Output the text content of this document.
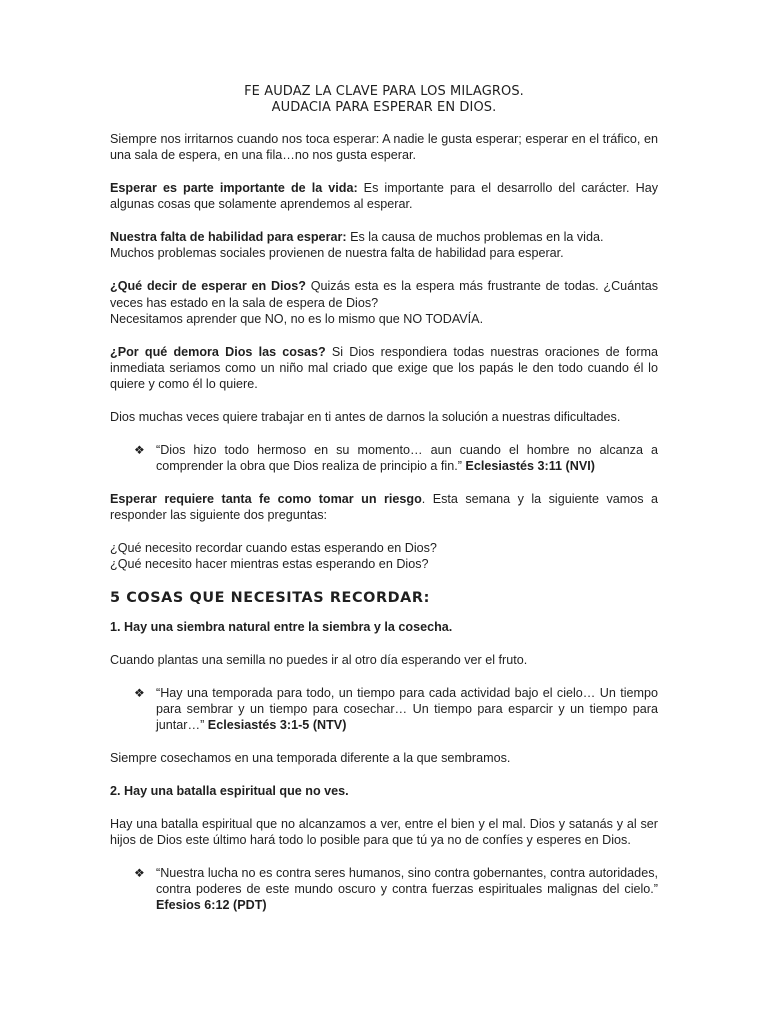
FE AUDAZ LA CLAVE PARA LOS MILAGROS.
AUDACIA PARA ESPERAR EN DIOS.

Siempre nos irritarnos cuando nos toca esperar: A nadie le gusta esperar; esperar en el tráfico, en una sala de espera, en una fila…no nos gusta esperar.

Esperar es parte importante de la vida: Es importante para el desarrollo del carácter. Hay algunas cosas que solamente aprendemos al esperar.

Nuestra falta de habilidad para esperar: Es la causa de muchos problemas en la vida.
Muchos problemas sociales provienen de nuestra falta de habilidad para esperar.

¿Qué decir de esperar en Dios? Quizás esta es la espera más frustrante de todas. ¿Cuántas veces has estado en la sala de espera de Dios?
Necesitamos aprender que NO, no es lo mismo que NO TODAVÍA.

¿Por qué demora Dios las cosas? Si Dios respondiera todas nuestras oraciones de forma inmediata seriamos como un niño mal criado que exige que los papás le den todo cuando él lo quiere y como él lo quiere.

Dios muchas veces quiere trabajar en ti antes de darnos la solución a nuestras dificultades.

❖ “Dios hizo todo hermoso en su momento… aun cuando el hombre no alcanza a comprender la obra que Dios realiza de principio a fin.” Eclesiastés 3:11 (NVI)

Esperar requiere tanta fe como tomar un riesgo. Esta semana y la siguiente vamos a responder las siguiente dos preguntas:

¿Qué necesito recordar cuando estas esperando en Dios?
¿Qué necesito hacer mientras estas esperando en Dios?

5 COSAS QUE NECESITAS RECORDAR:

1. Hay una siembra natural entre la siembra y la cosecha.

Cuando plantas una semilla no puedes ir al otro día esperando ver el fruto.

❖ “Hay una temporada para todo, un tiempo para cada actividad bajo el cielo… Un tiempo para sembrar y un tiempo para cosechar… Un tiempo para esparcir y un tiempo para juntar…” Eclesiastés 3:1-5 (NTV)

Siempre cosechamos en una temporada diferente a la que sembramos.

2. Hay una batalla espiritual que no ves.

Hay una batalla espiritual que no alcanzamos a ver, entre el bien y el mal. Dios y satanás y al ser hijos de Dios este último hará todo lo posible para que tú ya no de confíes y esperes en Dios.

❖ “Nuestra lucha no es contra seres humanos, sino contra gobernantes, contra autoridades, contra poderes de este mundo oscuro y contra fuerzas espirituales malignas del cielo.” Efesios 6:12 (PDT)
